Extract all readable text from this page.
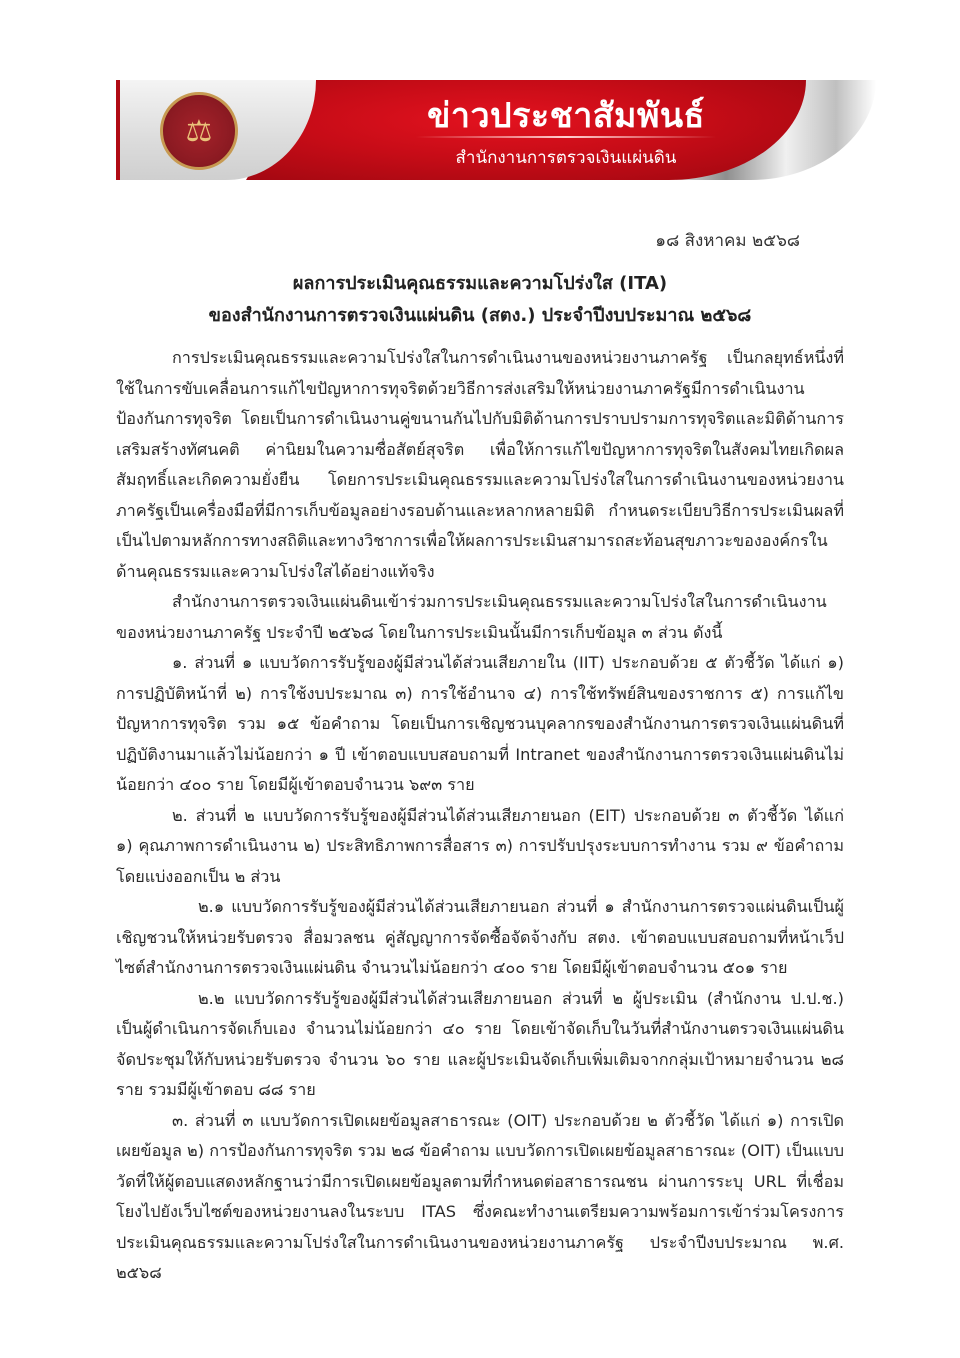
⚖	ข่าวประชาสัมพันธ์
สำนักงานการตรวจเงินแผ่นดิน
๑๘ สิงหาคม ๒๕๖๘
ผลการประเมินคุณธรรมและความโปร่งใส (ITA)
ของสำนักงานการตรวจเงินแผ่นดิน (สตง.) ประจำปีงบประมาณ ๒๕๖๘

การประเมินคุณธรรมและความโปร่งใสในการดำเนินงานของหน่วยงานภาครัฐ เป็นกลยุทธ์หนึ่งที่ใช้ในการขับเคลื่อนการแก้ไขปัญหาการทุจริตด้วยวิธีการส่งเสริมให้หน่วยงานภาครัฐมีการดำเนินงานป้องกันการทุจริต โดยเป็นการดำเนินงานคู่ขนานกันไปกับมิติด้านการปราบปรามการทุจริตและมิติด้านการเสริมสร้างทัศนคติ ค่านิยมในความซื่อสัตย์สุจริต เพื่อให้การแก้ไขปัญหาการทุจริตในสังคมไทยเกิดผลสัมฤทธิ์และเกิดความยั่งยืน โดยการประเมินคุณธรรมและความโปร่งใสในการดำเนินงานของหน่วยงานภาครัฐเป็นเครื่องมือที่มีการเก็บข้อมูลอย่างรอบด้านและหลากหลายมิติ กำหนดระเบียบวิธีการประเมินผลที่เป็นไปตามหลักการทางสถิติและทางวิชาการเพื่อให้ผลการประเมินสามารถสะท้อนสุขภาวะขององค์กรในด้านคุณธรรมและความโปร่งใสได้อย่างแท้จริง

สำนักงานการตรวจเงินแผ่นดินเข้าร่วมการประเมินคุณธรรมและความโปร่งใสในการดำเนินงานของหน่วยงานภาครัฐ ประจำปี ๒๕๖๘ โดยในการประเมินนั้นมีการเก็บข้อมูล ๓ ส่วน ดังนี้

๑. ส่วนที่ ๑ แบบวัดการรับรู้ของผู้มีส่วนได้ส่วนเสียภายใน (IIT) ประกอบด้วย ๕ ตัวชี้วัด ได้แก่ ๑) การปฏิบัติหน้าที่ ๒) การใช้งบประมาณ ๓) การใช้อำนาจ ๔) การใช้ทรัพย์สินของราชการ ๕) การแก้ไขปัญหาการทุจริต รวม ๑๕ ข้อคำถาม โดยเป็นการเชิญชวนบุคลากรของสำนักงานการตรวจเงินแผ่นดินที่ปฏิบัติงานมาแล้วไม่น้อยกว่า ๑ ปี เข้าตอบแบบสอบถามที่ Intranet ของสำนักงานการตรวจเงินแผ่นดินไม่น้อยกว่า ๔๐๐ ราย โดยมีผู้เข้าตอบจำนวน ๖๙๓ ราย

๒. ส่วนที่ ๒ แบบวัดการรับรู้ของผู้มีส่วนได้ส่วนเสียภายนอก (EIT) ประกอบด้วย ๓ ตัวชี้วัด ได้แก่ ๑) คุณภาพการดำเนินงาน ๒) ประสิทธิภาพการสื่อสาร ๓) การปรับปรุงระบบการทำงาน รวม ๙ ข้อคำถาม โดยแบ่งออกเป็น ๒ ส่วน

๒.๑ แบบวัดการรับรู้ของผู้มีส่วนได้ส่วนเสียภายนอก ส่วนที่ ๑ สำนักงานการตรวจแผ่นดินเป็นผู้เชิญชวนให้หน่วยรับตรวจ สื่อมวลชน คู่สัญญาการจัดซื้อจัดจ้างกับ สตง. เข้าตอบแบบสอบถามที่หน้าเว็ปไซต์สำนักงานการตรวจเงินแผ่นดิน จำนวนไม่น้อยกว่า ๔๐๐ ราย โดยมีผู้เข้าตอบจำนวน ๕๐๑ ราย

๒.๒ แบบวัดการรับรู้ของผู้มีส่วนได้ส่วนเสียภายนอก ส่วนที่ ๒ ผู้ประเมิน (สำนักงาน ป.ป.ช.) เป็นผู้ดำเนินการจัดเก็บเอง จำนวนไม่น้อยกว่า ๔๐ ราย โดยเข้าจัดเก็บในวันที่สำนักงานตรวจเงินแผ่นดินจัดประชุมให้กับหน่วยรับตรวจ จำนวน ๖๐ ราย และผู้ประเมินจัดเก็บเพิ่มเติมจากกลุ่มเป้าหมายจำนวน ๒๘ ราย รวมมีผู้เข้าตอบ ๘๘ ราย

๓. ส่วนที่ ๓ แบบวัดการเปิดเผยข้อมูลสาธารณะ (OIT) ประกอบด้วย ๒ ตัวชี้วัด ได้แก่ ๑) การเปิดเผยข้อมูล ๒) การป้องกันการทุจริต รวม ๒๘ ข้อคำถาม แบบวัดการเปิดเผยข้อมูลสาธารณะ (OIT) เป็นแบบวัดที่ให้ผู้ตอบแสดงหลักฐานว่ามีการเปิดเผยข้อมูลตามที่กำหนดต่อสาธารณชน ผ่านการระบุ URL ที่เชื่อมโยงไปยังเว็บไซต์ของหน่วยงานลงในระบบ ITAS ซึ่งคณะทำงานเตรียมความพร้อมการเข้าร่วมโครงการประเมินคุณธรรมและความโปร่งใสในการดำเนินงานของหน่วยงานภาครัฐ ประจำปีงบประมาณ พ.ศ. ๒๕๖๘
